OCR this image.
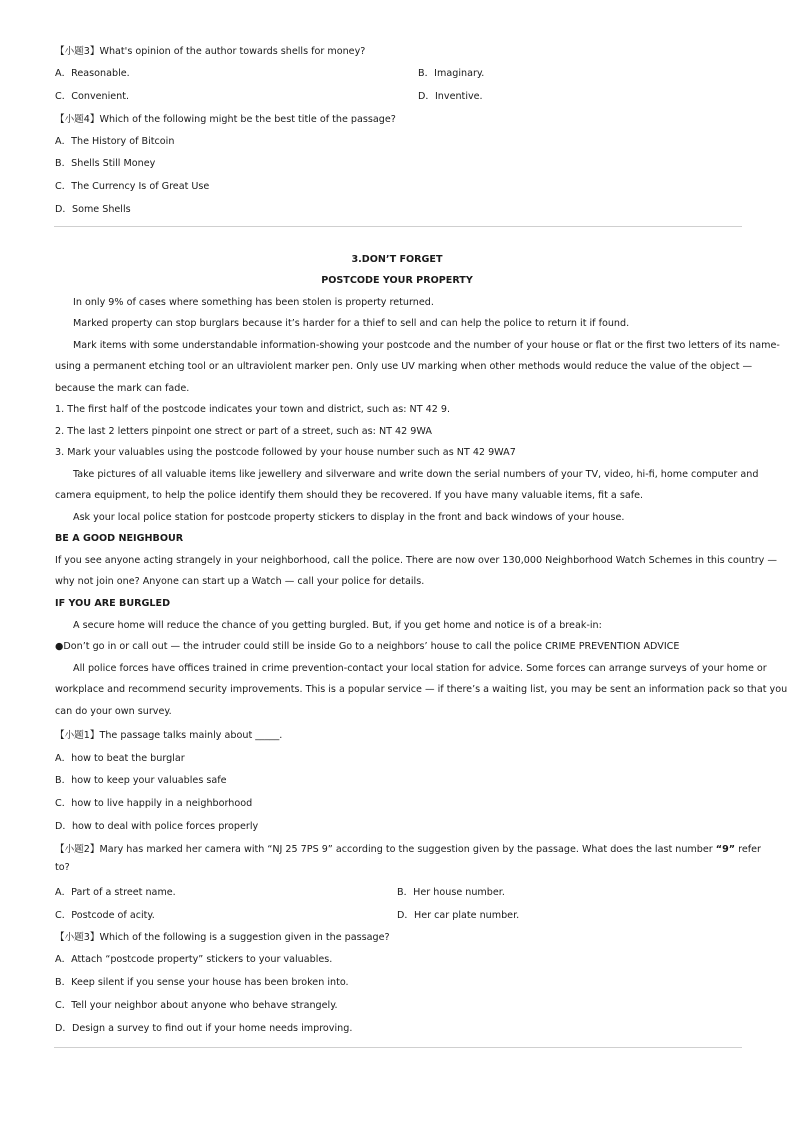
【小题3】What's opinion of the author towards shells for money?
A．Reasonable.	B．Imaginary.
C．Convenient.	D．Inventive.
【小题4】Which of the following might be the best title of the passage?
A．The History of Bitcoin
B．Shells Still Money
C．The Currency Is of Great Use
D．Some Shells
3.DON’T FORGET
POSTCODE YOUR PROPERTY
In only 9% of cases where something has been stolen is property returned.
Marked property can stop burglars because it’s harder for a thief to sell and can help the police to return it if found.
Mark items with some understandable information-showing your postcode and the number of your house or flat or the first two letters of its name-
using a permanent etching tool or an ultraviolent marker pen. Only use UV marking when other methods would reduce the value of the object —
because the mark can fade.
1. The first half of the postcode indicates your town and district, such as: NT 42 9.
2. The last 2 letters pinpoint one strect or part of a street, such as: NT 42 9WA
3. Mark your valuables using the postcode followed by your house number such as NT 42 9WA7
Take pictures of all valuable items like jewellery and silverware and write down the serial numbers of your TV, video, hi-fi, home computer and
camera equipment, to help the police identify them should they be recovered. If you have many valuable items, fit a safe.
Ask your local police station for postcode property stickers to display in the front and back windows of your house.
BE A GOOD NEIGHBOUR
If you see anyone acting strangely in your neighborhood, call the police. There are now over 130,000 Neighborhood Watch Schemes in this country —
why not join one? Anyone can start up a Watch — call your police for details.
IF YOU ARE BURGLED
A secure home will reduce the chance of you getting burgled. But, if you get home and notice is of a break-in:
●Don’t go in or call out — the intruder could still be inside Go to a neighbors’ house to call the police CRIME PREVENTION ADVICE
All police forces have offices trained in crime prevention-contact your local station for advice. Some forces can arrange surveys of your home or
workplace and recommend security improvements. This is a popular service — if there’s a waiting list, you may be sent an information pack so that you
can do your own survey.
【小题1】The passage talks mainly about _____.
A．how to beat the burglar
B．how to keep your valuables safe
C．how to live happily in a neighborhood
D．how to deal with police forces properly
【小题2】Mary has marked her camera with “NJ 25 7PS 9” according to the suggestion given by the passage. What does the last number “9” refer
to?
A．Part of a street name.	B．Her house number.
C．Postcode of acity.	D．Her car plate number.
【小题3】Which of the following is a suggestion given in the passage?
A．Attach “postcode property” stickers to your valuables.
B．Keep silent if you sense your house has been broken into.
C．Tell your neighbor about anyone who behave strangely.
D．Design a survey to find out if your home needs improving.
